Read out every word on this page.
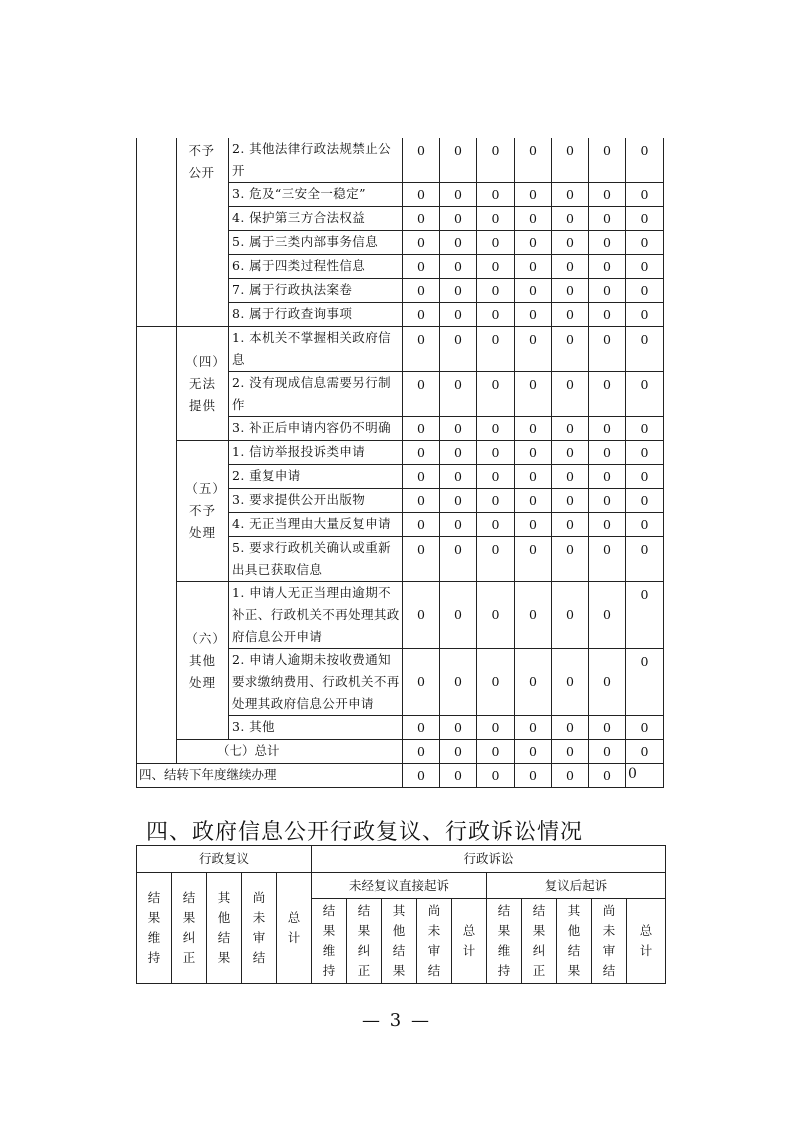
	不予公开	2. 其他法律行政法规禁止公开	0	0	0	0	0	0	0
		3. 危及“三安全一稳定”	0	0	0	0	0	0	0
		4. 保护第三方合法权益	0	0	0	0	0	0	0
		5. 属于三类内部事务信息	0	0	0	0	0	0	0
		6. 属于四类过程性信息	0	0	0	0	0	0	0
		7. 属于行政执法案卷	0	0	0	0	0	0	0
		8. 属于行政查询事项	0	0	0	0	0	0	0
	（四）无法提供	1. 本机关不掌握相关政府信息	0	0	0	0	0	0	0
		2. 没有现成信息需要另行制作	0	0	0	0	0	0	0
		3. 补正后申请内容仍不明确	0	0	0	0	0	0	0
	（五）不予处理	1. 信访举报投诉类申请	0	0	0	0	0	0	0
		2. 重复申请	0	0	0	0	0	0	0
		3. 要求提供公开出版物	0	0	0	0	0	0	0
		4. 无正当理由大量反复申请	0	0	0	0	0	0	0
		5. 要求行政机关确认或重新出具已获取信息	0	0	0	0	0	0	0
	（六）其他处理	1. 申请人无正当理由逾期不补正、行政机关不再处理其政府信息公开申请	0	0	0	0	0	0	0
		2. 申请人逾期未按收费通知要求缴纳费用、行政机关不再处理其政府信息公开申请	0	0	0	0	0	0	0
		3. 其他	0	0	0	0	0	0	0
	（七）总计		0	0	0	0	0	0	0
四、结转下年度继续办理			0	0	0	0	0	0	0
四、政府信息公开行政复议、行政诉讼情况
行政复议					行政诉讼									
结果维持	结果纠正	其他结果	尚未审结	总计	未经复议直接起诉					复议后起诉				
					结果维持	结果纠正	其他结果	尚未审结	总计	结果维持	结果纠正	其他结果	尚未审结	总计
— 3 —
